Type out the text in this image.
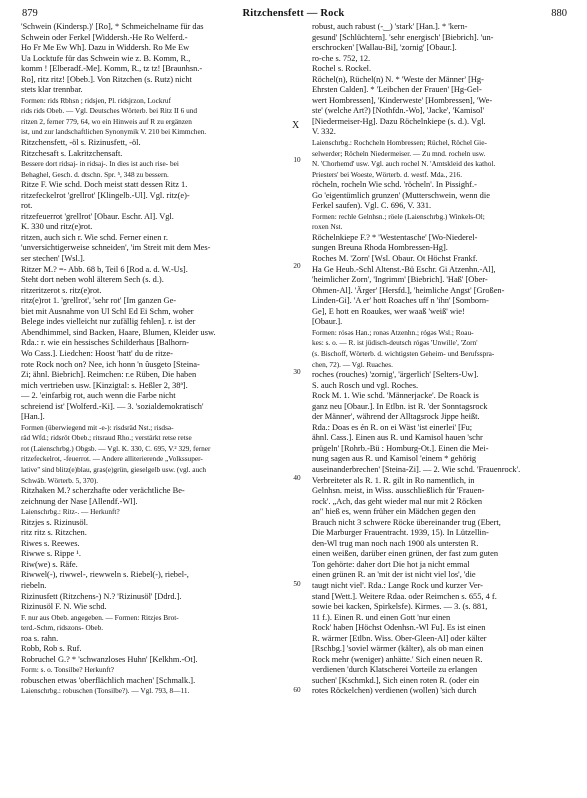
879	Ritzchensfett — Rock	880
'Schwein (Kindersp.)' [Ro], * Schmeichelname für das
Schwein oder Ferkel [Widdersh.-He Ro Welferd.-
Ho Fr Me Ew Wh]. Dazu in Widdersh. Ro Me Ew
Ua Locktufe für das Schwein wie z. B. Komm, R.,
komm ! [Elberadf.-Me]. Komm, R., tz tz! [Braunhsn.-
Ro], ritz ritz! [Obeb.]. Von Ritzchen (s. Rutz) nicht
stets klar trennbar.
Formen: rids Rbhsn ; ridsjen, Pl. ridsjrzon, Lockruf
rids rids Obeb. — Vgl. Deutsches Wörterb. bei Ritz II 6 und
ritzen 2, ferner 779, 64, wo ein Hinweis auf R zu ergänzen
ist, und zur landschaftlichen Synonymik V. 210 bei Kimmchen.
Ritzchensfett, -öl s. Rizinusfett, -öl.
Ritzchesaft s. Lakritzchensaft.
Bessere dort ridsaj- in ridsaj-. In dies ist auch rise- bei
Behaghel, Gesch. d. dtschn. Spr. ⁵, 348 zu bessern.
Ritze F. Wie schd. Doch meist statt dessen Ritz 1.
ritzefeckelrot 'grellrot' [Klingelb.-Ul]. Vgl. ritz(e)-
rot.
ritzefeuerrot 'grellrot' [Obaur. Eschr. Al]. Vgl.
K. 330 und ritz(e)rot.
ritzen, auch sich r. Wie schd. Ferner einen r.
'unversichtigerweise schneiden', 'im Streit mit dem Mes-
ser stechen' [Wsl.].
Ritzer M.? =- Abb. 68 b, Teil 6 [Rod a. d. W.-Us].
Steht dort neben wohl älterem Sech (s. d.).
ritzeritzerot s. ritz(e)rot.
ritz(e)rot 1. 'grellrot', 'sehr rot' [Im ganzen Ge-
biet mit Ausnahme von Ul Schl Ed Ei Schm, woher
Belege indes vielleicht nur zufällig fehlen]. r. ist der
Abendhimmel, sind Backen, Haare, Blumen, Kleider usw.
Rda.: r. wie ein hessisches Schilderhaus [Balhorn-
Wo Cass.]. Liedchen: Hoost 'hatt' du de ritzе-
rote Rock noch on? Nee, ich honn 'n ûusgeto [Steina-
Zi; ähnl. Biebrich]. Reimchen: r.e Rüben, Die haben
mich vertrieben usw. [Kinzigtal: s. Heßler 2, 38ª].
— 2. 'einfarbig rot, auch wenn die Farbe nicht
schreiend ist' [Wolferd.-Ki]. — 3. 'sozialdemokratisch'
[Han.].
Formen (überwiegend mit -e-): risdsräd Nst.; risdsə-
räd Wfd.; ridsröt Obeb.; ritsraud Rho.; verstärkt retse retse
rot (Laienschrbg.) Obgsb. — Vgl. K. 330, C. 695, V.² 329, ferner
ritzefeckelrot, -feuerrot. — Andere alliterierende „Volkssuper-
lative" sind blitz(e)blau, gras(e)grün, gieselgelb usw. (vgl. auch
Schwäb. Wörterb. 5, 370).
Ritzhaken M.? scherzhafte oder verächtliche Be-
zeichnung der Nase [Allendf.-Wl].
Laienschrbg.: Ritz-. — Herkunft?
Ritzjes s. Rizinusöl.
ritz ritz s. Ritzchen.
Riwes s. Reewes.
Riwwe s. Rippe ¹.
Riw(we) s. Räfe.
Riwwel(-), riwwel-, riewweln s. Riebel(-), riebel-,
riebeln.
Rizinusfett (Ritzchens-) N.? 'Rizinusöl' [Ddrd.].
Rizinusöl F. N. Wie schd.
F. nur aus Obeb. angegeben. — Formen: Ritzjes Brot-
terd.-Schm, ridszons- Obeb.
roa s. rahn.
Robb, Rob s. Ruf.
Robruchel G.? * 'schwanzloses Huhn' [Kelkhm.-Ot].
Form: s. o. Tonsilbe? Herkunft?
robuschen etwas 'oberflächlich machen' [Schmalk.].
Laienschrbg.: robuschen (Tonsilbe?). — Vgl. 793, 8—11.
robust, auch rabust (-‿) 'stark' [Han.]. * 'kern-
gesund' [Schlüchtern]. 'sehr energisch' [Biebrich]. 'un-
erschrocken' [Wallau-Bi], 'zornig' [Obaur.].
ro-che s. 752, 12.
Rochel s. Rockel.
Röchel(n), Rüchel(n) N. * 'Weste der Männer' [Hg-
Ehrsten Calden]. * 'Leibchen der Frauen' [Hg-Gel-
wert Hombressen], 'Kinderweste' [Hombressen], 'We-
ste' (welche Art?) [Nothfdn.-Wo], 'Jacke', 'Kamisol'
[Niedermeiser-Hg]. Dazu Röchelnkiepe (s. d.). Vgl.
V. 332.
Laienschrbg.: Rochcheln Hombressen; Rüchel, Röchel Gie-
selwerder; Röcheln Niedermeiser. — Zu mnd. rocheln usw.
N. 'Chorhemd' usw. Vgl. auch rochel N. 'Amtskleid des kathol.
Priesters' bei Woeste, Wörterb. d. westf. Mda., 216.
röcheln, rocheln Wie schd. 'röcheln'. In Pissighf.-
Go 'eigentümlich grunzen' (Mutterschwein, wenn die
Ferkel saufen). Vgl. C. 696, V. 331.
Formen: rechle Gelnhsn.; röele (Laienschrbg.) Winkels-Ol;
roxen Nst.
Röchelnkiepe F.? * 'Westentasche' [Wo-Niederel-
sungen Breuna Rhoda Hombressen-Hg].
Roches M. 'Zorn' [Wsl. Obaur. Ot Höchst Frankf.
Ha Ge Heub.-Schl Altenst.-Bü Eschr. Gi Atzenhn.-Al],
'heimlicher Zorn', 'Ingrimm' [Biebrich]. 'Haß' [Ober-
Ohmen-Al]. 'Ärger' [Hersfd.], 'heimliche Angst' [Großen-
Linden-Gi]. 'A er' hott Roaches uff n 'ihn' [Somborn-
Ge], E hott en Roaukes, wer waaß 'weiß' wie!
[Obaur.].
Formen: rósəs Han.; ronəs Atzenhn.; rógəs Wsl.; Roau-
kes: s. o. — R. ist jüdisch-deutsch rógəs 'Unwille', 'Zorn'
(s. Bischoff, Wörterb. d. wichtigsten Geheim- und Berufsspra-
chen, 72). — Vgl. Ruaches.
roches (rouches) 'zornig', 'ärgerlich' [Selters-Uw].
S. auch Rosch und vgl. Roches.
Rock M. 1. Wie schd. 'Männerjacke'. De Roack is
ganz neu [Obaur.]. In Etlbn. ist R. 'der Sonntagsrock
der Männer', während der Alltagsrock Jippe heißt.
Rda.: Doas es én R. on ei Wäst 'ist einerlei' [Fu;
ähnl. Cass.]. Einen aus R. und Kamisol hauen 'schr
prügeln' [Rohrb.-Bü : Homburg-Ot.]. Einen die Mei-
nung sagen aus R. und Kamisol 'einem * gehörig
auseinanderbrechen' [Steina-Zi]. — 2. Wie schd. 'Frauenrock'.
Verbreiteter als R. 1. R. gilt in Ro namentlich, in
Gelnhsn. meist, in Wiss. ausschließlich für 'Frauen-
rock'. „Ach, das geht wieder mal nur mit 2 Röcken
an" hieß es, wenn früher ein Mädchen gegen den
Brauch nicht 3 schwere Röcke übereinander trug (Ebert,
Die Marburger Frauentracht. 1939, 15). In Lützellin-
den-Wl trug man noch nach 1900 als untersten R.
einen weißen, darüber einen grünen, der fast zum guten
Ton gehörte: daher dort Die hot ja nicht emmal
einen grünen R. an 'mit der ist nicht viel los', 'die
taugt nicht viel'. Rda.: Lange Rock und kurzer Ver-
stand [Wett.]. Weitere Rdaa. oder Reimchen s. 655, 4 f.
sowie bei kacken, Spirkelsfe). Kirmes. — 3. (s. 881,
11 f.). Einen R. und einen Gott 'nur einen
Rock' haben [Höchst Odenhsn.-Wl Fu]. Es ist einen
R. wärmer [Etlbn. Wiss. Ober-Gleen-Al] oder kälter
[Rschbg.] 'soviel wärmer (kälter), als ob man einen
Rock mehr (weniger) anhätte.' Sich einen neuen R.
verdienen 'durch Klatscherei Vorteile zu erlangen
suchen' [Kschmkd.], Sich einen roten R. (oder ein
rotes Röckelchen) verdienen (wollen) 'sich durch
10
20
30
40
50
60
X
